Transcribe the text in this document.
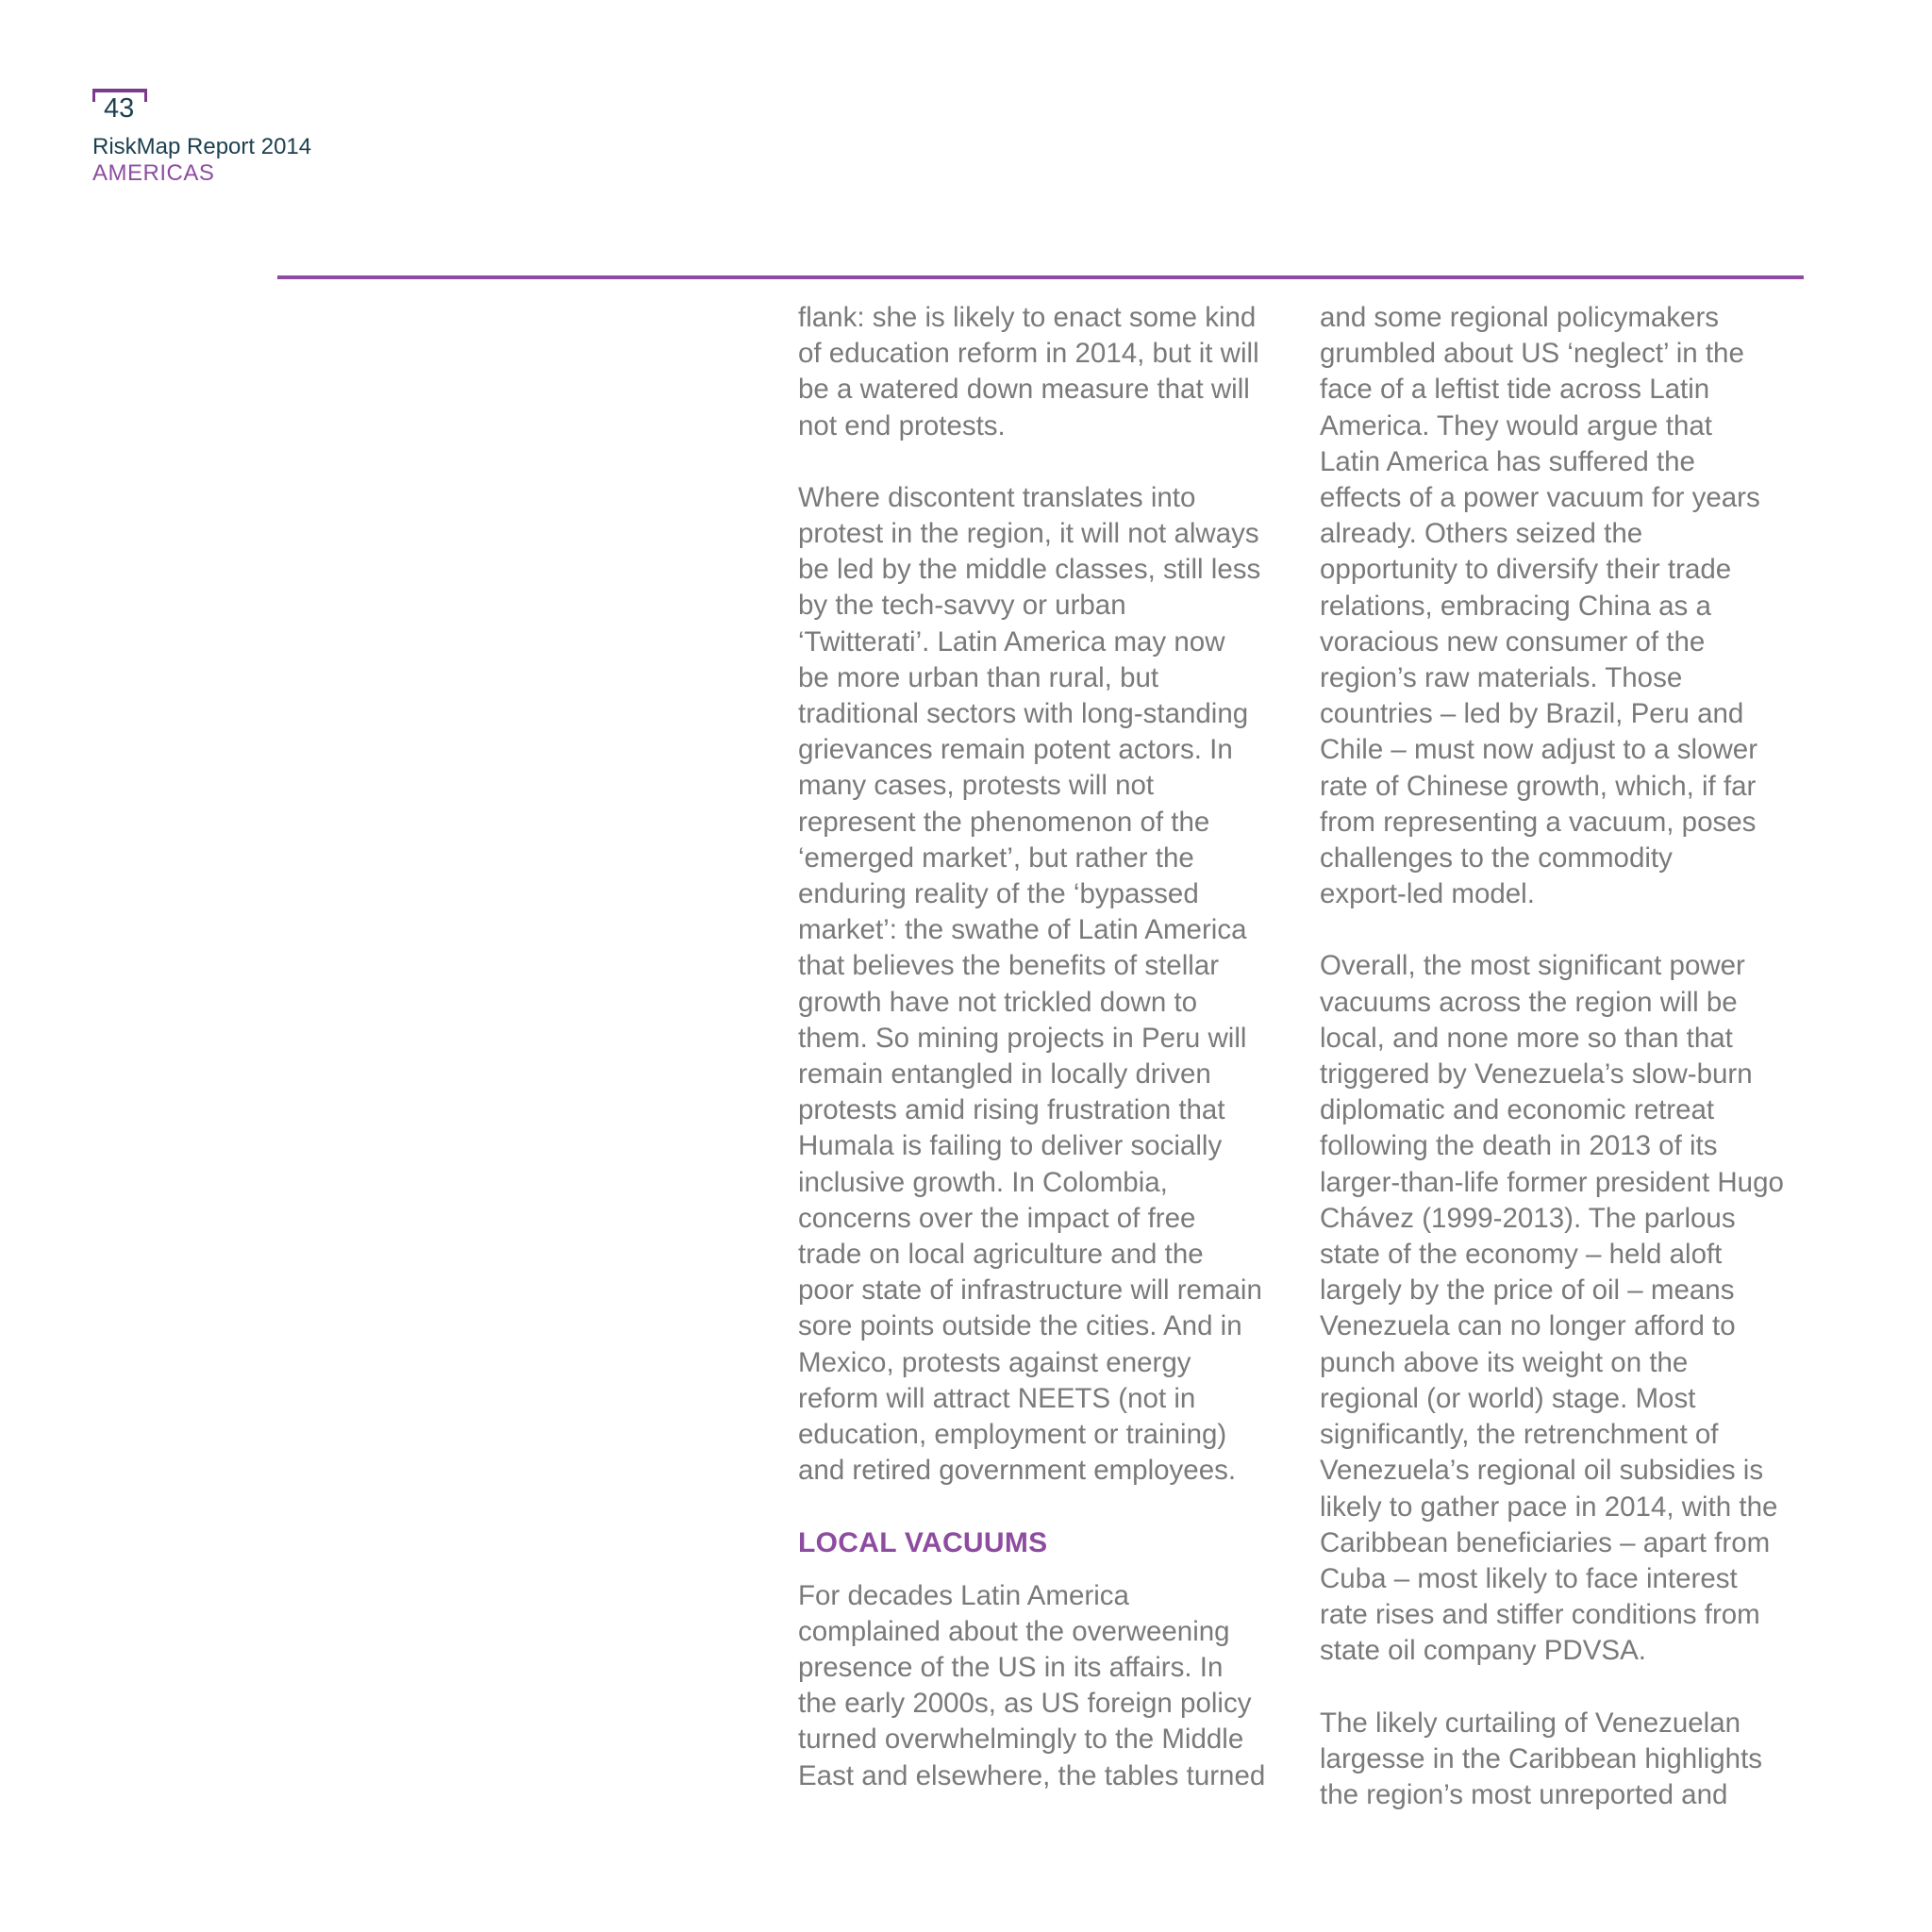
43
RiskMap Report 2014
AMERICAS

flank: she is likely to enact some kind
of education reform in 2014, but it will
be a watered down measure that will
not end protests.

Where discontent translates into
protest in the region, it will not always
be led by the middle classes, still less
by the tech-savvy or urban
‘Twitterati’. Latin America may now
be more urban than rural, but
traditional sectors with long-standing
grievances remain potent actors. In
many cases, protests will not
represent the phenomenon of the
‘emerged market’, but rather the
enduring reality of the ‘bypassed
market’: the swathe of Latin America
that believes the benefits of stellar
growth have not trickled down to
them. So mining projects in Peru will
remain entangled in locally driven
protests amid rising frustration that
Humala is failing to deliver socially
inclusive growth. In Colombia,
concerns over the impact of free
trade on local agriculture and the
poor state of infrastructure will remain
sore points outside the cities. And in
Mexico, protests against energy
reform will attract NEETS (not in
education, employment or training)
and retired government employees.

LOCAL VACUUMS

For decades Latin America
complained about the overweening
presence of the US in its affairs. In
the early 2000s, as US foreign policy
turned overwhelmingly to the Middle
East and elsewhere, the tables turned

and some regional policymakers
grumbled about US ‘neglect’ in the
face of a leftist tide across Latin
America. They would argue that
Latin America has suffered the
effects of a power vacuum for years
already. Others seized the
opportunity to diversify their trade
relations, embracing China as a
voracious new consumer of the
region’s raw materials. Those
countries – led by Brazil, Peru and
Chile – must now adjust to a slower
rate of Chinese growth, which, if far
from representing a vacuum, poses
challenges to the commodity
export-led model.

Overall, the most significant power
vacuums across the region will be
local, and none more so than that
triggered by Venezuela’s slow-burn
diplomatic and economic retreat
following the death in 2013 of its
larger-than-life former president Hugo
Chávez (1999-2013). The parlous
state of the economy – held aloft
largely by the price of oil – means
Venezuela can no longer afford to
punch above its weight on the
regional (or world) stage. Most
significantly, the retrenchment of
Venezuela’s regional oil subsidies is
likely to gather pace in 2014, with the
Caribbean beneficiaries – apart from
Cuba – most likely to face interest
rate rises and stiffer conditions from
state oil company PDVSA.

The likely curtailing of Venezuelan
largesse in the Caribbean highlights
the region’s most unreported and
